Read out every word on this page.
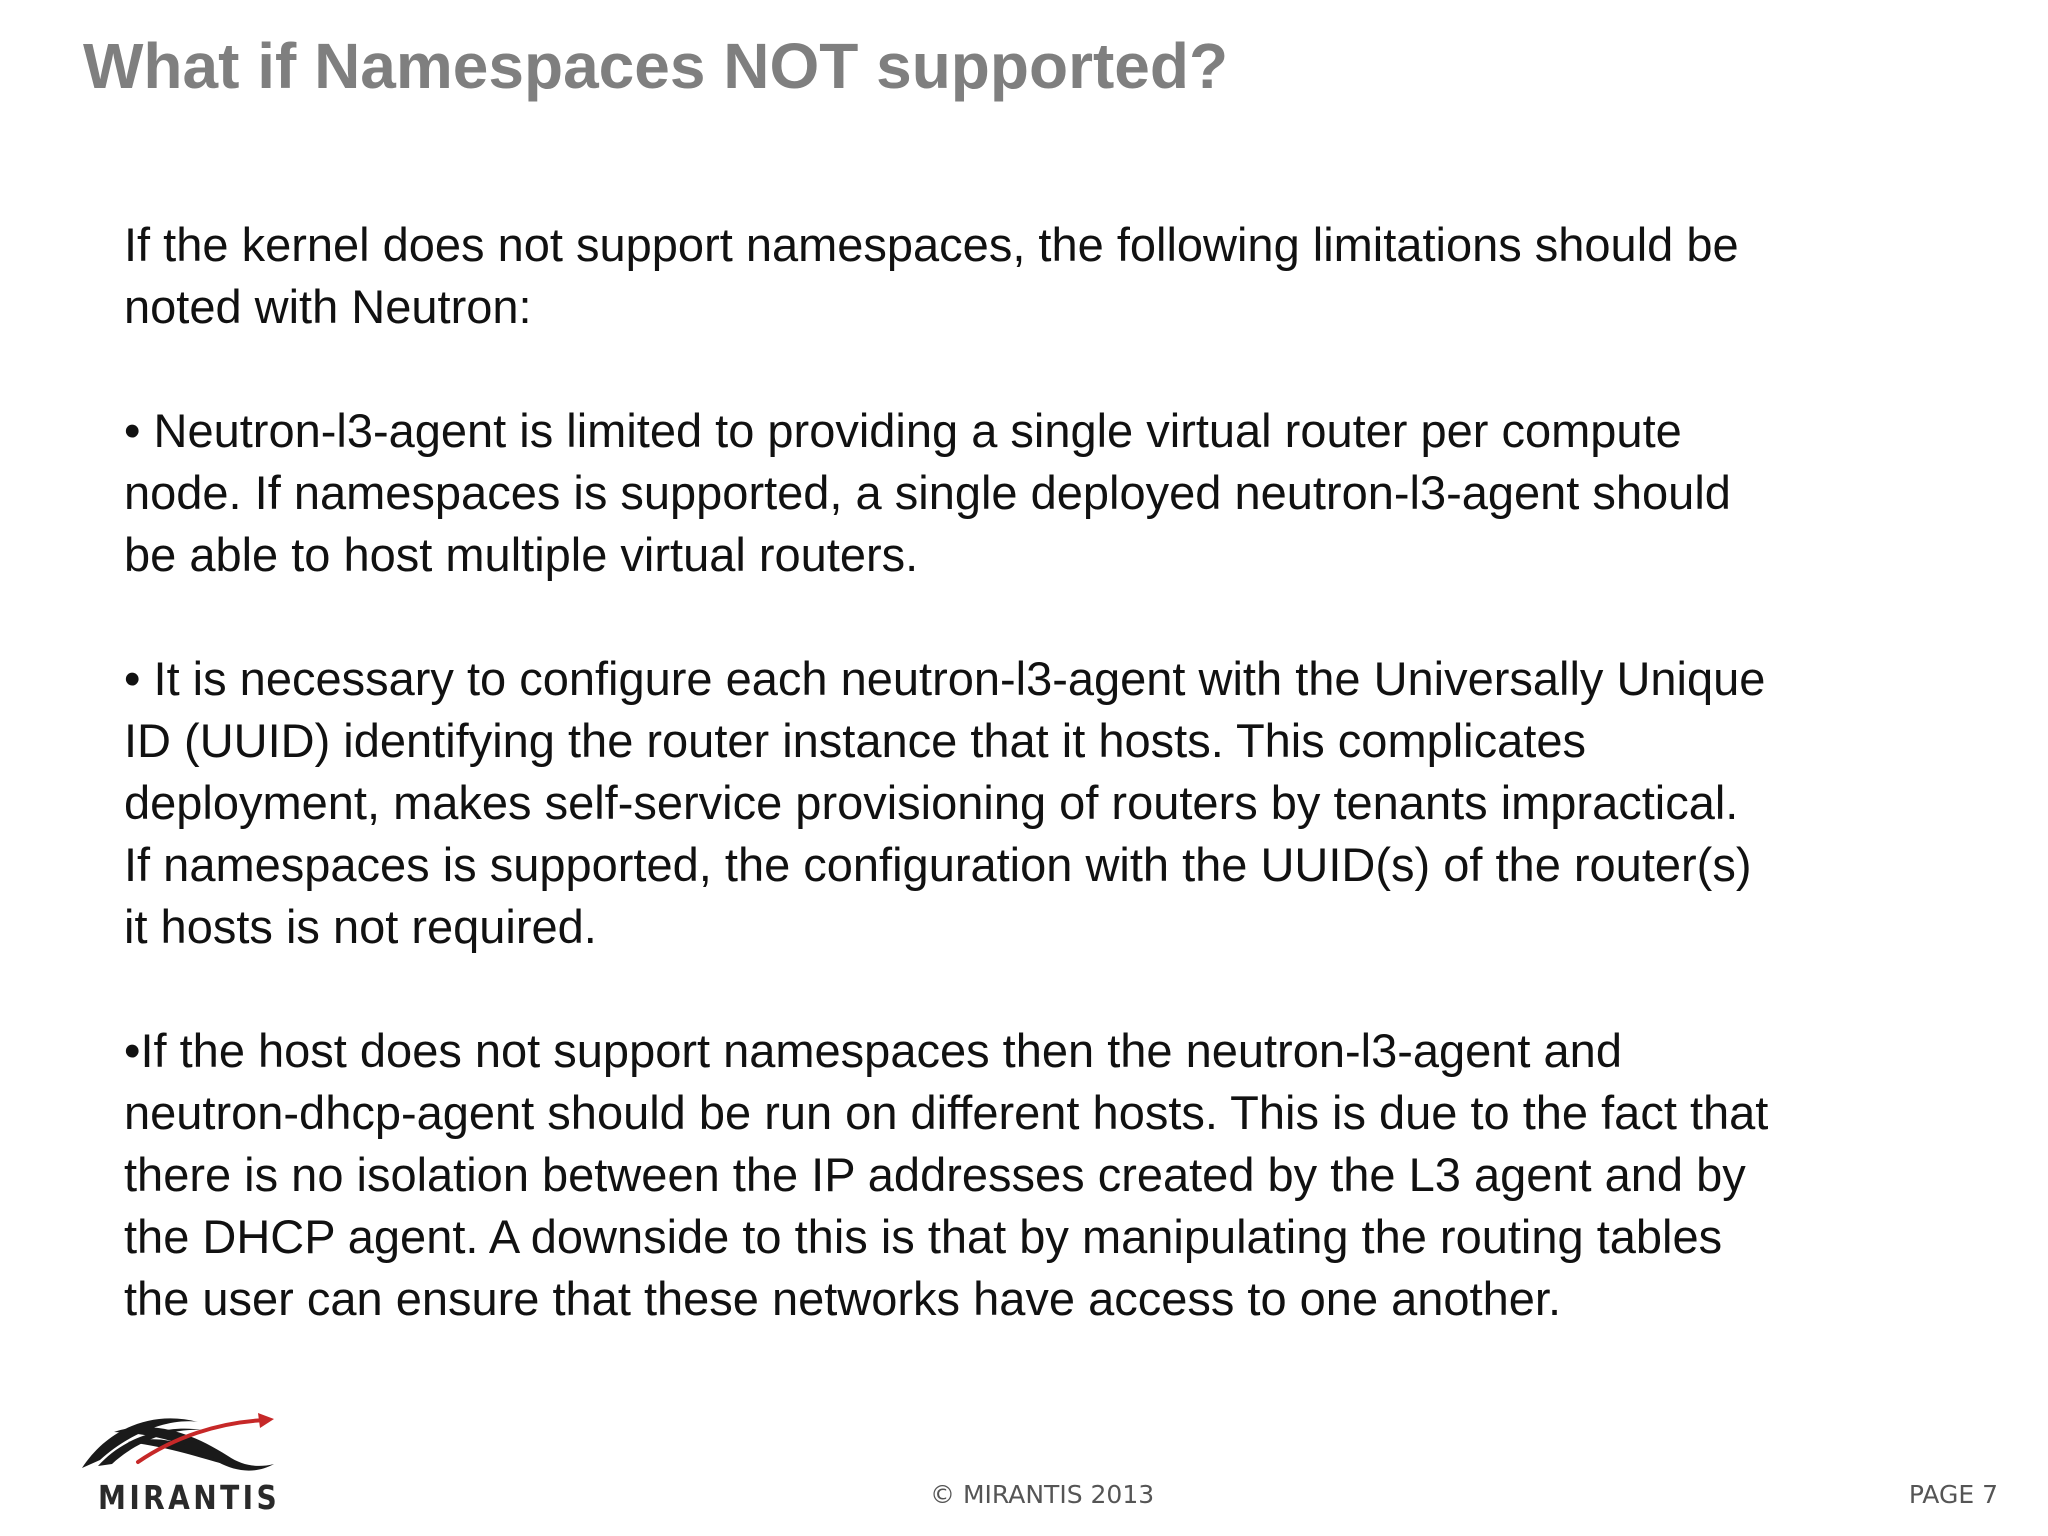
What if Namespaces NOT supported?

If the kernel does not support namespaces, the following limitations should be
noted with Neutron:

• Neutron-l3-agent is limited to providing a single virtual router per compute
node. If namespaces is supported, a single deployed neutron-l3-agent should
be able to host multiple virtual routers.

• It is necessary to configure each neutron-l3-agent with the Universally Unique
ID (UUID) identifying the router instance that it hosts. This complicates
deployment, makes self-service provisioning of routers by tenants impractical.
If namespaces is supported, the configuration with the UUID(s) of the router(s)
it hosts is not required.

•If the host does not support namespaces then the neutron-l3-agent and
neutron-dhcp-agent should be run on different hosts. This is due to the fact that
there is no isolation between the IP addresses created by the L3 agent and by
the DHCP agent. A downside to this is that by manipulating the routing tables
the user can ensure that these networks have access to one another.

MIRANTIS	© MIRANTIS 2013	PAGE 7
